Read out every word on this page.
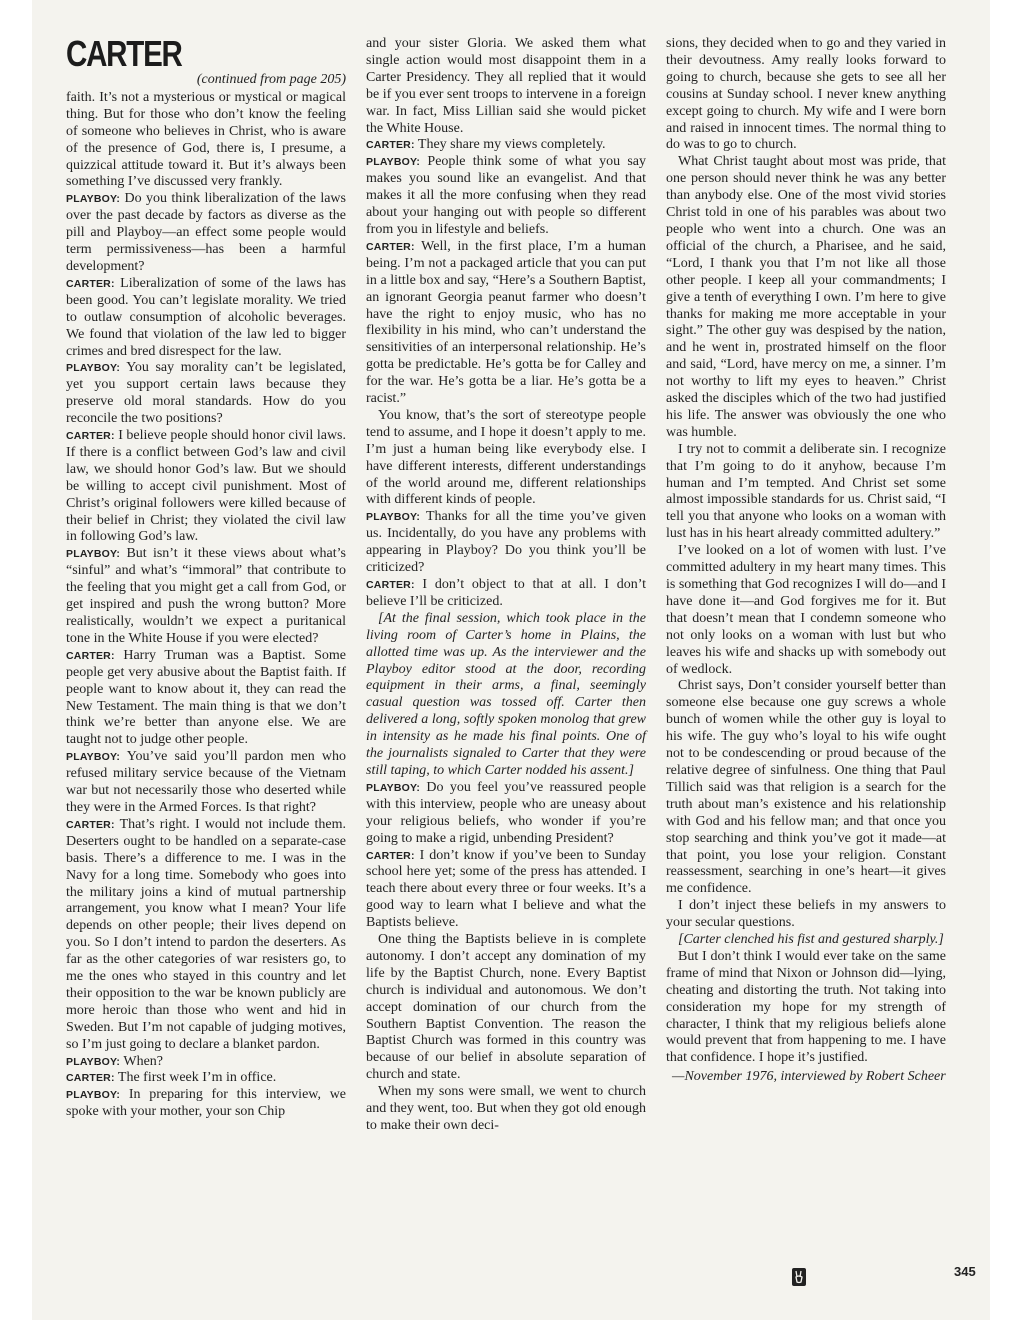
CARTER
(continued from page 205)

faith. It’s not a mysterious or mystical or magical thing. But for those who don’t know the feeling of someone who believes in Christ, who is aware of the presence of God, there is, I presume, a quizzical attitude toward it. But it’s always been something I’ve discussed very frankly.

PLAYBOY: Do you think liberalization of the laws over the past decade by factors as diverse as the pill and Playboy—an effect some people would term permissiveness—has been a harmful development?

CARTER: Liberalization of some of the laws has been good. You can’t legislate morality. We tried to outlaw consumption of alcoholic beverages. We found that violation of the law led to bigger crimes and bred disrespect for the law.

PLAYBOY: You say morality can’t be legislated, yet you support certain laws because they preserve old moral standards. How do you reconcile the two positions?

CARTER: I believe people should honor civil laws. If there is a conflict between God’s law and civil law, we should honor God’s law. But we should be willing to accept civil punishment. Most of Christ’s original followers were killed because of their belief in Christ; they violated the civil law in following God’s law.

PLAYBOY: But isn’t it these views about what’s “sinful” and what’s “immoral” that contribute to the feeling that you might get a call from God, or get inspired and push the wrong button? More realistically, wouldn’t we expect a puritanical tone in the White House if you were elected?

CARTER: Harry Truman was a Baptist. Some people get very abusive about the Baptist faith. If people want to know about it, they can read the New Testament. The main thing is that we don’t think we’re better than anyone else. We are taught not to judge other people.

PLAYBOY: You’ve said you’ll pardon men who refused military service because of the Vietnam war but not necessarily those who deserted while they were in the Armed Forces. Is that right?

CARTER: That’s right. I would not include them. Deserters ought to be handled on a separate-case basis. There’s a difference to me. I was in the Navy for a long time. Somebody who goes into the military joins a kind of mutual partnership arrangement, you know what I mean? Your life depends on other people; their lives depend on you. So I don’t intend to pardon the deserters. As far as the other categories of war resisters go, to me the ones who stayed in this country and let their opposition to the war be known publicly are more heroic than those who went and hid in Sweden. But I’m not capable of judging motives, so I’m just going to declare a blanket pardon.

PLAYBOY: When?

CARTER: The first week I’m in office.

PLAYBOY: In preparing for this interview, we spoke with your mother, your son Chip

and your sister Gloria. We asked them what single action would most disappoint them in a Carter Presidency. They all replied that it would be if you ever sent troops to intervene in a foreign war. In fact, Miss Lillian said she would picket the White House.

CARTER: They share my views completely.

PLAYBOY: People think some of what you say makes you sound like an evangelist. And that makes it all the more confusing when they read about your hanging out with people so different from you in lifestyle and beliefs.

CARTER: Well, in the first place, I’m a human being. I’m not a packaged article that you can put in a little box and say, “Here’s a Southern Baptist, an ignorant Georgia peanut farmer who doesn’t have the right to enjoy music, who has no flexibility in his mind, who can’t understand the sensitivities of an interpersonal relationship. He’s gotta be predictable. He’s gotta be for Calley and for the war. He’s gotta be a liar. He’s gotta be a racist.”

You know, that’s the sort of stereotype people tend to assume, and I hope it doesn’t apply to me. I’m just a human being like everybody else. I have different interests, different understandings of the world around me, different relationships with different kinds of people.

PLAYBOY: Thanks for all the time you’ve given us. Incidentally, do you have any problems with appearing in Playboy? Do you think you’ll be criticized?

CARTER: I don’t object to that at all. I don’t believe I’ll be criticized.

[At the final session, which took place in the living room of Carter’s home in Plains, the allotted time was up. As the interviewer and the Playboy editor stood at the door, recording equipment in their arms, a final, seemingly casual question was tossed off. Carter then delivered a long, softly spoken monolog that grew in intensity as he made his final points. One of the journalists signaled to Carter that they were still taping, to which Carter nodded his assent.]

PLAYBOY: Do you feel you’ve reassured people with this interview, people who are uneasy about your religious beliefs, who wonder if you’re going to make a rigid, unbending President?

CARTER: I don’t know if you’ve been to Sunday school here yet; some of the press has attended. I teach there about every three or four weeks. It’s a good way to learn what I believe and what the Baptists believe.

One thing the Baptists believe in is complete autonomy. I don’t accept any domination of my life by the Baptist Church, none. Every Baptist church is individual and autonomous. We don’t accept domination of our church from the Southern Baptist Convention. The reason the Baptist Church was formed in this country was because of our belief in absolute separation of church and state.

When my sons were small, we went to church and they went, too. But when they got old enough to make their own deci-

sions, they decided when to go and they varied in their devoutness. Amy really looks forward to going to church, because she gets to see all her cousins at Sunday school. I never knew anything except going to church. My wife and I were born and raised in innocent times. The normal thing to do was to go to church.

What Christ taught about most was pride, that one person should never think he was any better than anybody else. One of the most vivid stories Christ told in one of his parables was about two people who went into a church. One was an official of the church, a Pharisee, and he said, “Lord, I thank you that I’m not like all those other people. I keep all your commandments; I give a tenth of everything I own. I’m here to give thanks for making me more acceptable in your sight.” The other guy was despised by the nation, and he went in, prostrated himself on the floor and said, “Lord, have mercy on me, a sinner. I’m not worthy to lift my eyes to heaven.” Christ asked the disciples which of the two had justified his life. The answer was obviously the one who was humble.

I try not to commit a deliberate sin. I recognize that I’m going to do it anyhow, because I’m human and I’m tempted. And Christ set some almost impossible standards for us. Christ said, “I tell you that anyone who looks on a woman with lust has in his heart already committed adultery.”

I’ve looked on a lot of women with lust. I’ve committed adultery in my heart many times. This is something that God recognizes I will do—and I have done it—and God forgives me for it. But that doesn’t mean that I condemn someone who not only looks on a woman with lust but who leaves his wife and shacks up with somebody out of wedlock.

Christ says, Don’t consider yourself better than someone else because one guy screws a whole bunch of women while the other guy is loyal to his wife. The guy who’s loyal to his wife ought not to be condescending or proud because of the relative degree of sinfulness. One thing that Paul Tillich said was that religion is a search for the truth about man’s existence and his relationship with God and his fellow man; and that once you stop searching and think you’ve got it made—at that point, you lose your religion. Constant reassessment, searching in one’s heart—it gives me confidence.

I don’t inject these beliefs in my answers to your secular questions.

[Carter clenched his fist and gestured sharply.]

But I don’t think I would ever take on the same frame of mind that Nixon or Johnson did—lying, cheating and distorting the truth. Not taking into consideration my hope for my strength of character, I think that my religious beliefs alone would prevent that from happening to me. I have that confidence. I hope it’s justified.

—November 1976, interviewed by Robert Scheer

345
